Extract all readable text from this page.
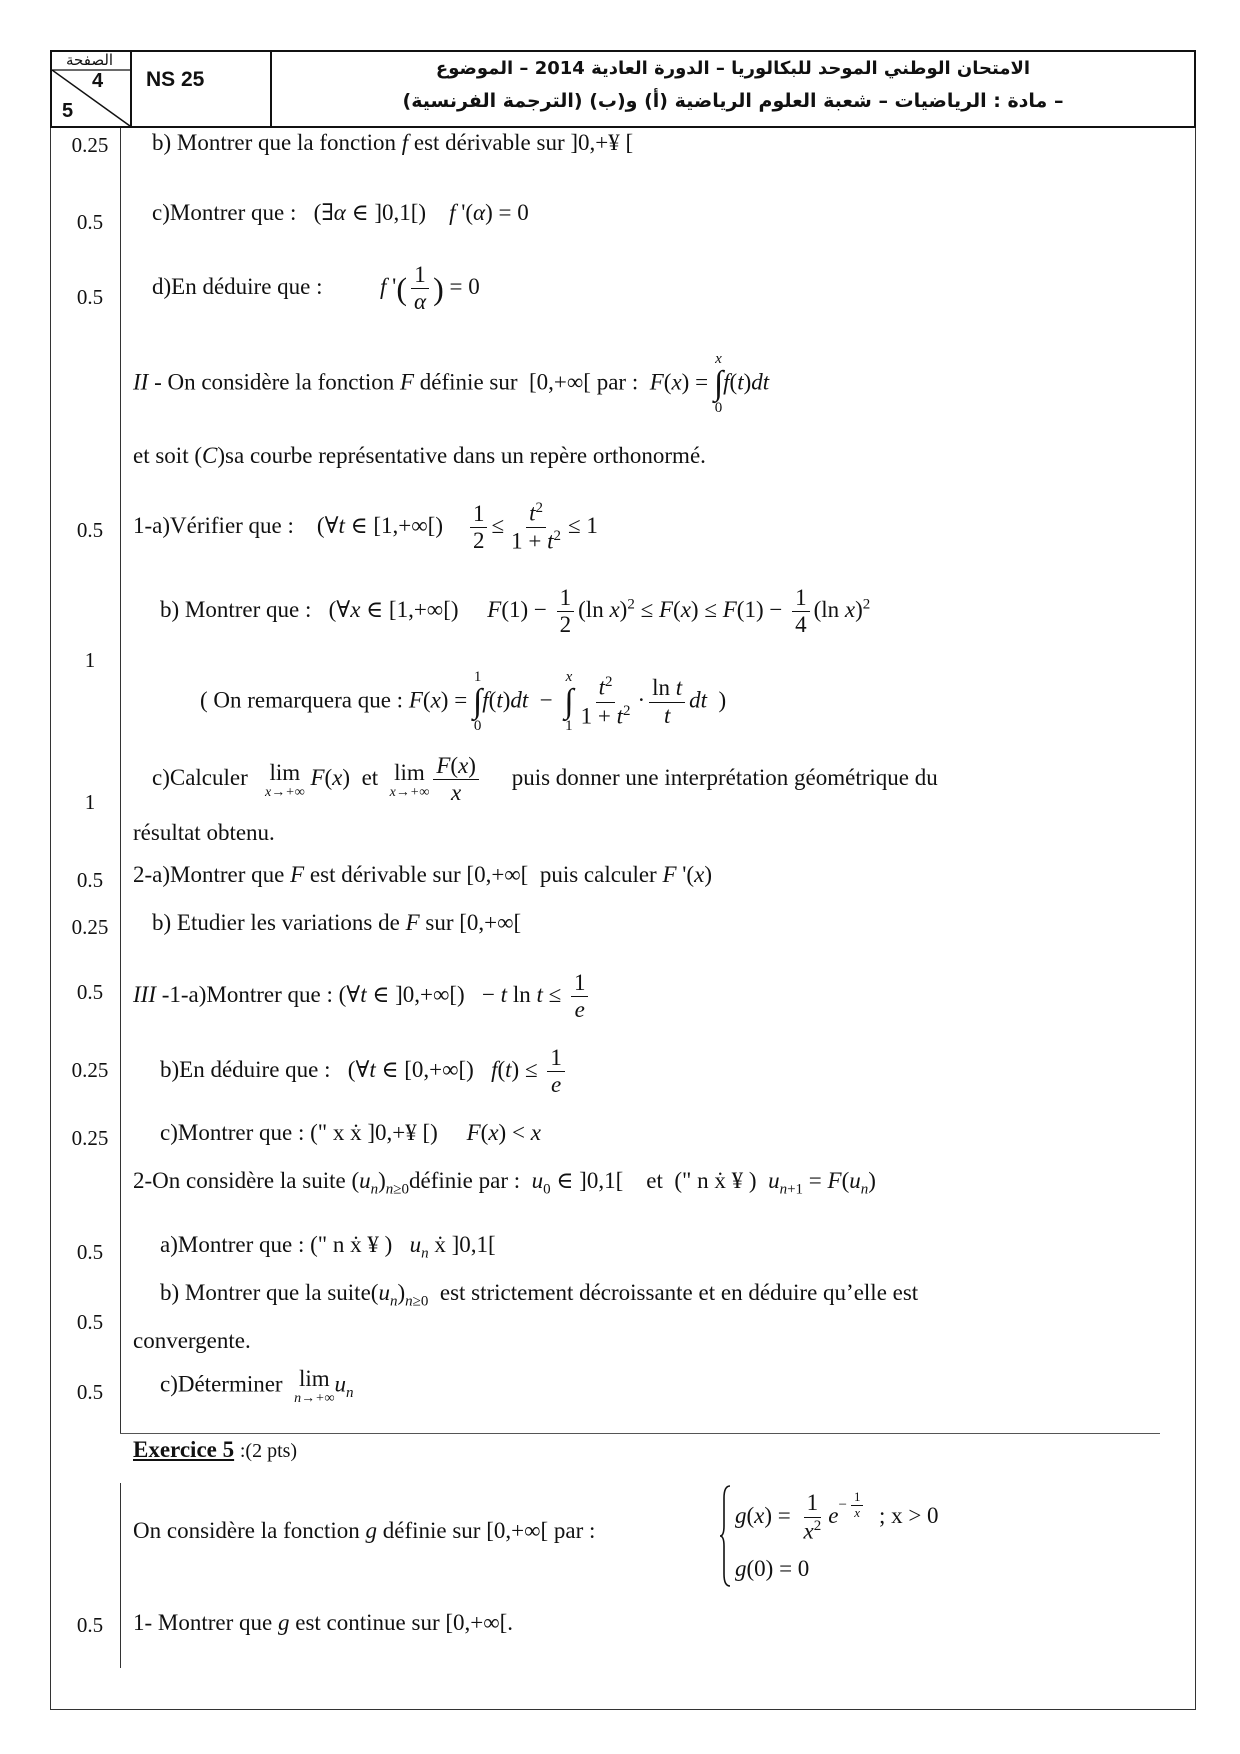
الصفحة
4
5
NS 25	الامتحان الوطني الموحد للبكالوريا – الدورة العادية 2014 – الموضوع
– مادة : الرياضيات – شعبة العلوم الرياضية (أ) و(ب) (الترجمة الفرنسية)
0.25
0.5
0.5
0.5
1
1
0.5
0.25
0.5
0.25
0.25
0.5
0.5
0.5
0.5
b) Montrer que la fonction f est dérivable sur ]0,+¥ [
c)Montrer que :   (∃α ∈ ]0,1[)    f '(α) = 0
d)En déduire que :	f '( $\frac{1}{\alpha}$ ) = 0
II - On considère la fonction F définie sur [0,+∞[ par : F(x) =
x
∫
0
f(t)dt
et soit (C)sa courbe représentative dans un repère orthonormé.
1-a)Vérifier que :    (∀t ∈ [$1,+\infty[) \frac{1}{2} \le \frac{t^2}{1 + t^2} \le 1$
b) Montrer que :   (∀x ∈ [1,+∞[)     $F(1) - \frac{1}{2} (\ln$ $x)^2 \le F(x) \le F(1) - \frac{1}{4} (\ln$ x)$^2$
( On remarquera que : F(x) =
1
∫
0
f(t)dt  −
x
∫
$1 \frac{t^2}{1 + t^2} \cdot \frac{\text{ln t}}{t}$ dt  )
c)Calculer lim
x→+∞
F(x)  et lim
$x\to+\infty \frac{F(x)}{x}$ puis donner une interprétation géométrique du
résultat obtenu.
2-a)Montrer que F est dérivable sur [0,+∞[  puis calculer F '(x)
b) Etudier les variations de F sur [0,+∞[
III -1-a)Montrer que : (∀t ∈ ]0,+∞[)   − t $\ln t \le \frac{1}{e}$
b)En déduire que :   (∀t ∈ [0,+∞[)   $f(t) \le \frac{1}{e}$
c)Montrer que : (" x ẋ ]0,+¥ [) F(x) < x
2-On considère la suite $(u_n)_{n\ge 0}définie$ par : $u_0$ ∈ ]0,1[    et (" n ẋ ¥ ) $u_{n+1} = F(u_n)$
a)Montrer que : (" n ẋ ¥ ) $u_n$ ẋ ]0,1[
b) Montrer que la $suite(u_n)_{n\ge 0}$ est strictement décroissante et en déduire qu’elle est
convergente.
c)Déterminer lim
n→+∞
$u_n$
Exercice 5 :(2 pts)
$g(x) = \frac{1}{x^2} e^{- \frac{1}{x}}$ ; x > 0
g(0) = 0
On considère la fonction g définie sur [0,+∞[ par :
1- Montrer que g est continue sur [0,+∞[.
